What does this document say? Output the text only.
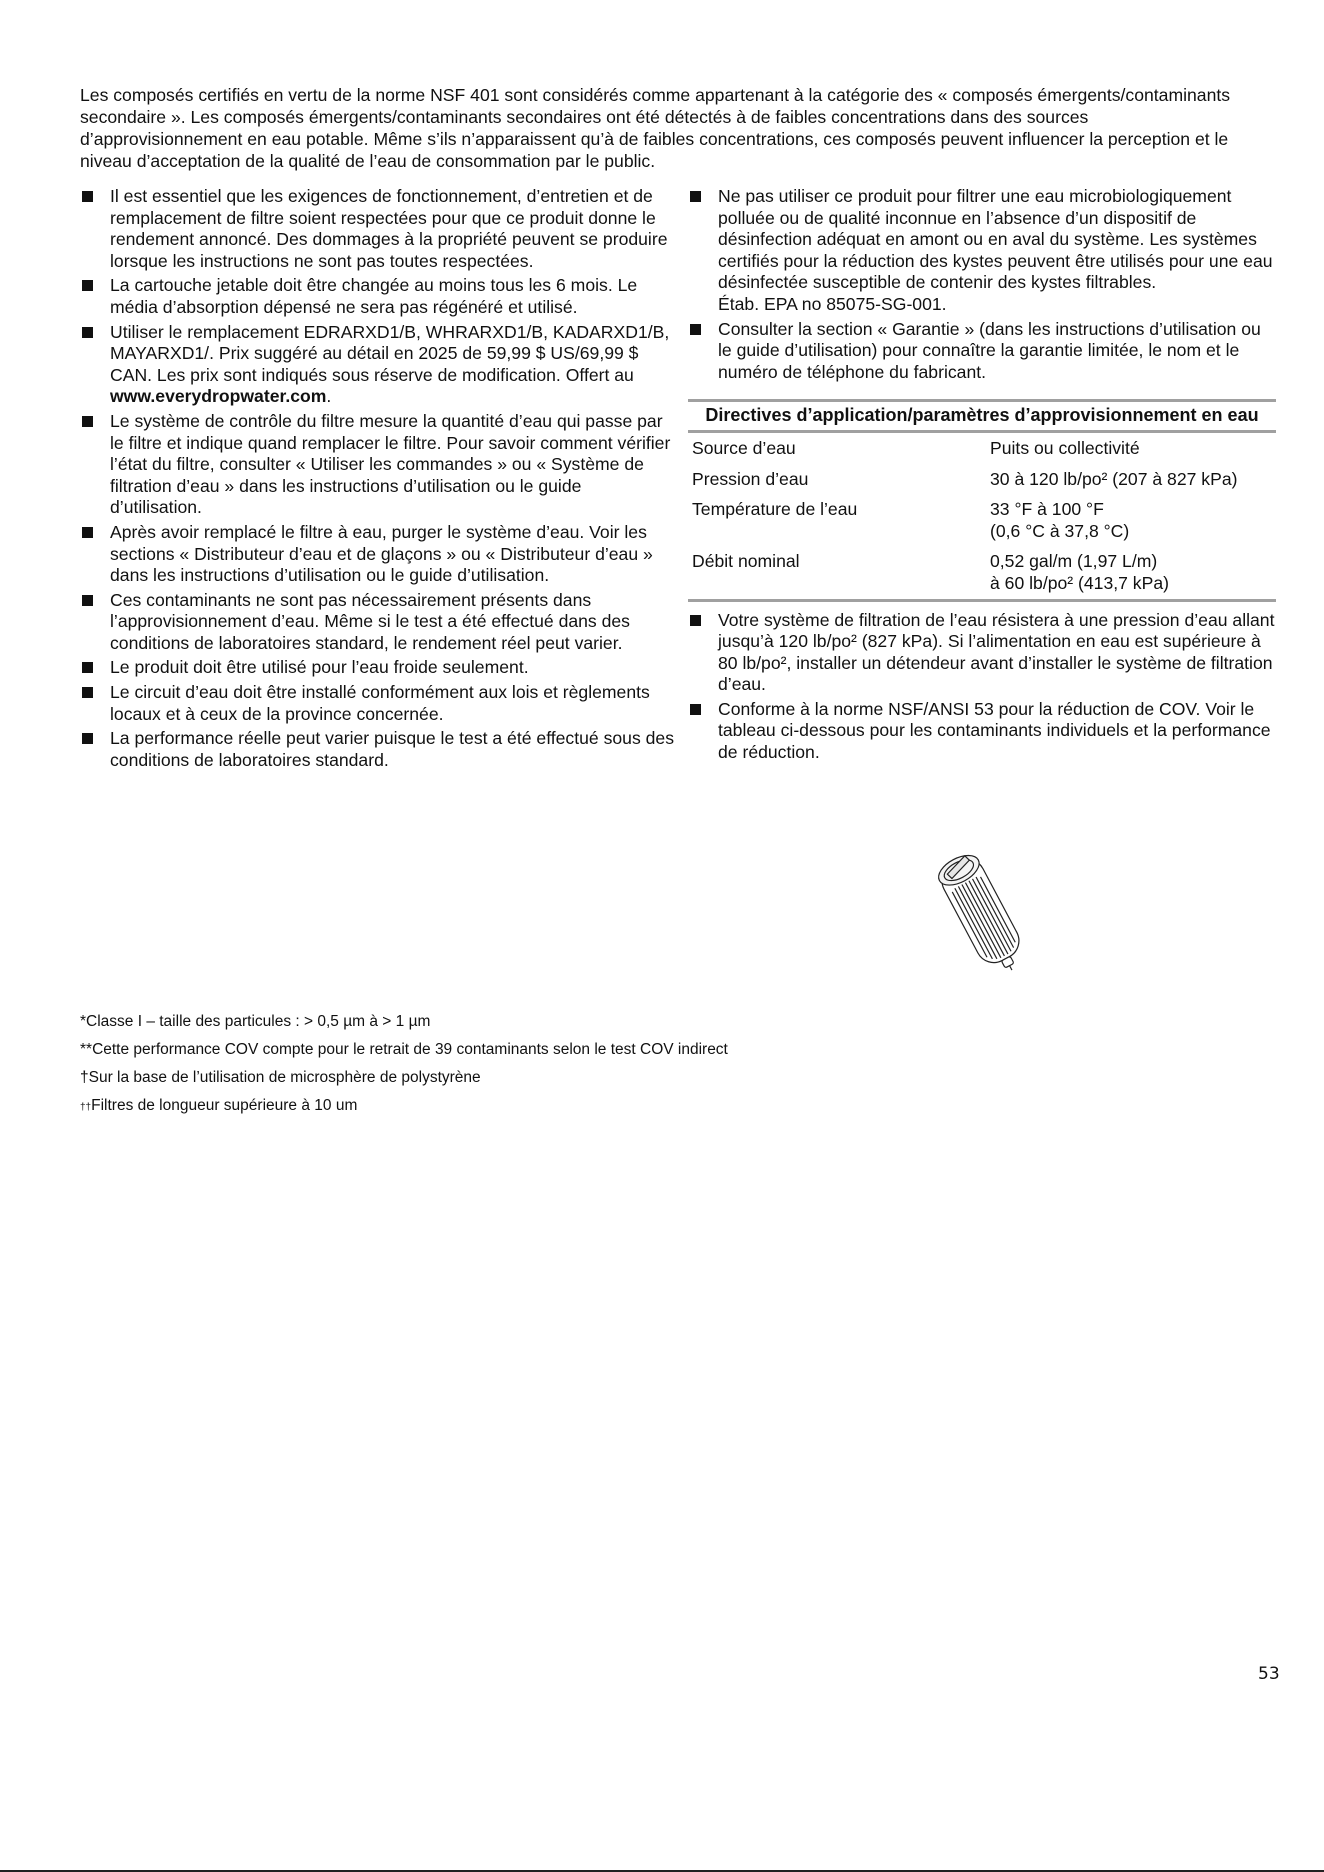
Les composés certifiés en vertu de la norme NSF 401 sont considérés comme appartenant à la catégorie des « composés émergents/contaminants secondaire ». Les composés émergents/contaminants secondaires ont été détectés à de faibles concentrations dans des sources d’approvisionnement en eau potable. Même s’ils n’apparaissent qu’à de faibles concentrations, ces composés peuvent influencer la perception et le niveau d’acceptation de la qualité de l’eau de consommation par le public.

Il est essentiel que les exigences de fonctionnement, d’entretien et de remplacement de filtre soient respectées pour que ce produit donne le rendement annoncé. Des dommages à la propriété peuvent se produire lorsque les instructions ne sont pas toutes respectées.
La cartouche jetable doit être changée au moins tous les 6 mois. Le média d’absorption dépensé ne sera pas régénéré et utilisé.
Utiliser le remplacement EDRARXD1/B, WHRARXD1/B, KADARXD1/B, MAYARXD1/. Prix suggéré au détail en 2025 de 59,99 $ US/69,99 $ CAN. Les prix sont indiqués sous réserve de modification. Offert au www.everydropwater.com.
Le système de contrôle du filtre mesure la quantité d’eau qui passe par le filtre et indique quand remplacer le filtre. Pour savoir comment vérifier l’état du filtre, consulter « Utiliser les commandes » ou « Système de filtration d’eau » dans les instructions d’utilisation ou le guide d’utilisation.
Après avoir remplacé le filtre à eau, purger le système d’eau. Voir les sections « Distributeur d’eau et de glaçons » ou « Distributeur d’eau » dans les instructions d’utilisation ou le guide d’utilisation.
Ces contaminants ne sont pas nécessairement présents dans l’approvisionnement d’eau. Même si le test a été effectué dans des conditions de laboratoires standard, le rendement réel peut varier.
Le produit doit être utilisé pour l’eau froide seulement.
Le circuit d’eau doit être installé conformément aux lois et règlements locaux et à ceux de la province concernée.
La performance réelle peut varier puisque le test a été effectué sous des conditions de laboratoires standard.
Ne pas utiliser ce produit pour filtrer une eau microbiologiquement polluée ou de qualité inconnue en l’absence d’un dispositif de désinfection adéquat en amont ou en aval du système. Les systèmes certifiés pour la réduction des kystes peuvent être utilisés pour une eau désinfectée susceptible de contenir des kystes filtrables.
Étab. EPA no 85075-SG-001.
Consulter la section « Garantie » (dans les instructions d’utilisation ou le guide d’utilisation) pour connaître la garantie limitée, le nom et le numéro de téléphone du fabricant.
Directives d’application/paramètres d’approvisionnement en eau	
Source d’eau	Puits ou collectivité
Pression d’eau	30 à 120 lb/po² (207 à 827 kPa)
Température de l’eau	33 °F à 100 °F
(0,6 °C à 37,8 °C)
Débit nominal	0,52 gal/m (1,97 L/m)
à 60 lb/po² (413,7 kPa)
Votre système de filtration de l’eau résistera à une pression d’eau allant jusqu’à 120 lb/po² (827 kPa). Si l’alimentation en eau est supérieure à 80 lb/po², installer un détendeur avant d’installer le système de filtration d’eau.
Conforme à la norme NSF/ANSI 53 pour la réduction de COV. Voir le tableau ci-dessous pour les contaminants individuels et la performance de réduction.

*Classe I – taille des particules : > 0,5 µm à > 1 µm

**Cette performance COV compte pour le retrait de 39 contaminants selon le test COV indirect

†Sur la base de l’utilisation de microsphère de polystyrène

††Filtres de longueur supérieure à 10 um

53
